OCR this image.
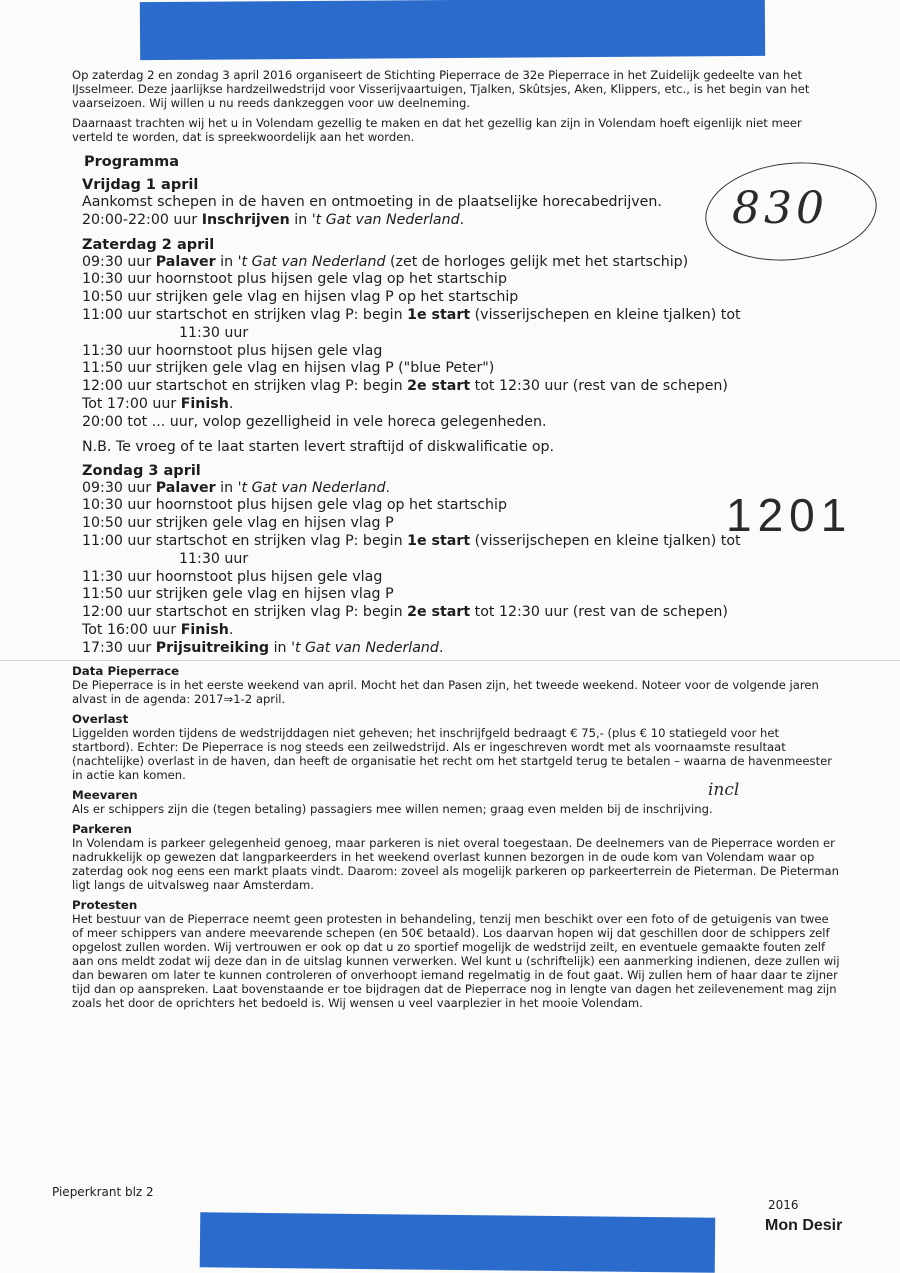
Op zaterdag 2 en zondag 3 april 2016 organiseert de Stichting Pieperrace de 32e Pieperrace in het Zuidelijk gedeelte van het IJsselmeer. Deze jaarlijkse hardzeilwedstrijd voor Visserijvaartuigen, Tjalken, Skûtsjes, Aken, Klippers, etc., is het begin van het vaarseizoen. Wij willen u nu reeds dankzeggen voor uw deelneming.

Daarnaast trachten wij het u in Volendam gezellig te maken en dat het gezellig kan zijn in Volendam hoeft eigenlijk niet meer verteld te worden, dat is spreekwoordelijk aan het worden.

Programma
Vrijdag 1 april
Aankomst schepen in de haven en ontmoeting in de plaatselijke horecabedrijven.
20:00-22:00 uur Inschrijven in 't Gat van Nederland.
Zaterdag 2 april
09:30 uur Palaver in 't Gat van Nederland (zet de horloges gelijk met het startschip)
10:30 uur hoornstoot plus hijsen gele vlag op het startschip
10:50 uur strijken gele vlag en hijsen vlag P op het startschip
11:00 uur startschot en strijken vlag P: begin 1e start (visserijschepen en kleine tjalken) tot
11:30 uur
11:30 uur hoornstoot plus hijsen gele vlag
11:50 uur strijken gele vlag en hijsen vlag P ("blue Peter")
12:00 uur startschot en strijken vlag P: begin 2e start tot 12:30 uur (rest van de schepen)
Tot 17:00 uur Finish.
20:00 tot ... uur, volop gezelligheid in vele horeca gelegenheden.
N.B. Te vroeg of te laat starten levert straftijd of diskwalificatie op.
Zondag 3 april
09:30 uur Palaver in 't Gat van Nederland.
10:30 uur hoornstoot plus hijsen gele vlag op het startschip
10:50 uur strijken gele vlag en hijsen vlag P
11:00 uur startschot en strijken vlag P: begin 1e start (visserijschepen en kleine tjalken) tot
11:30 uur
11:30 uur hoornstoot plus hijsen gele vlag
11:50 uur strijken gele vlag en hijsen vlag P
12:00 uur startschot en strijken vlag P: begin 2e start tot 12:30 uur (rest van de schepen)
Tot 16:00 uur Finish.
17:30 uur Prijsuitreiking in 't Gat van Nederland.
Data Pieperrace

De Pieperrace is in het eerste weekend van april. Mocht het dan Pasen zijn, het tweede weekend. Noteer voor de volgende jaren alvast in de agenda: 2017⇒1-2 april.

Overlast

Liggelden worden tijdens de wedstrijddagen niet geheven; het inschrijfgeld bedraagt € 75,- (plus € 10 statiegeld voor het startbord). Echter: De Pieperrace is nog steeds een zeilwedstrijd. Als er ingeschreven wordt met als voornaamste resultaat (nachtelijke) overlast in de haven, dan heeft de organisatie het recht om het startgeld terug te betalen – waarna de havenmeester in actie kan komen.

Meevaren

Als er schippers zijn die (tegen betaling) passagiers mee willen nemen; graag even melden bij de inschrijving.

Parkeren

In Volendam is parkeer gelegenheid genoeg, maar parkeren is niet overal toegestaan. De deelnemers van de Pieperrace worden er nadrukkelijk op gewezen dat langparkeerders in het weekend overlast kunnen bezorgen in de oude kom van Volendam waar op zaterdag ook nog eens een markt plaats vindt. Daarom: zoveel als mogelijk parkeren op parkeerterrein de Pieterman. De Pieterman ligt langs de uitvalsweg naar Amsterdam.

Protesten

Het bestuur van de Pieperrace neemt geen protesten in behandeling, tenzij men beschikt over een foto of de getuigenis van twee of meer schippers van andere meevarende schepen (en 50€ betaald). Los daarvan hopen wij dat geschillen door de schippers zelf opgelost zullen worden. Wij vertrouwen er ook op dat u zo sportief mogelijk de wedstrijd zeilt, en eventuele gemaakte fouten zelf aan ons meldt zodat wij deze dan in de uitslag kunnen verwerken. Wel kunt u (schriftelijk) een aanmerking indienen, deze zullen wij dan bewaren om later te kunnen controleren of onverhoopt iemand regelmatig in de fout gaat. Wij zullen hem of haar daar te zijner tijd dan op aanspreken. Laat bovenstaande er toe bijdragen dat de Pieperrace nog in lengte van dagen het zeilevenement mag zijn zoals het door de oprichters het bedoeld is. Wij wensen u veel vaarplezier in het mooie Volendam.

830
1201
incl
Pieperkrant blz 2
2016
Mon Desir
